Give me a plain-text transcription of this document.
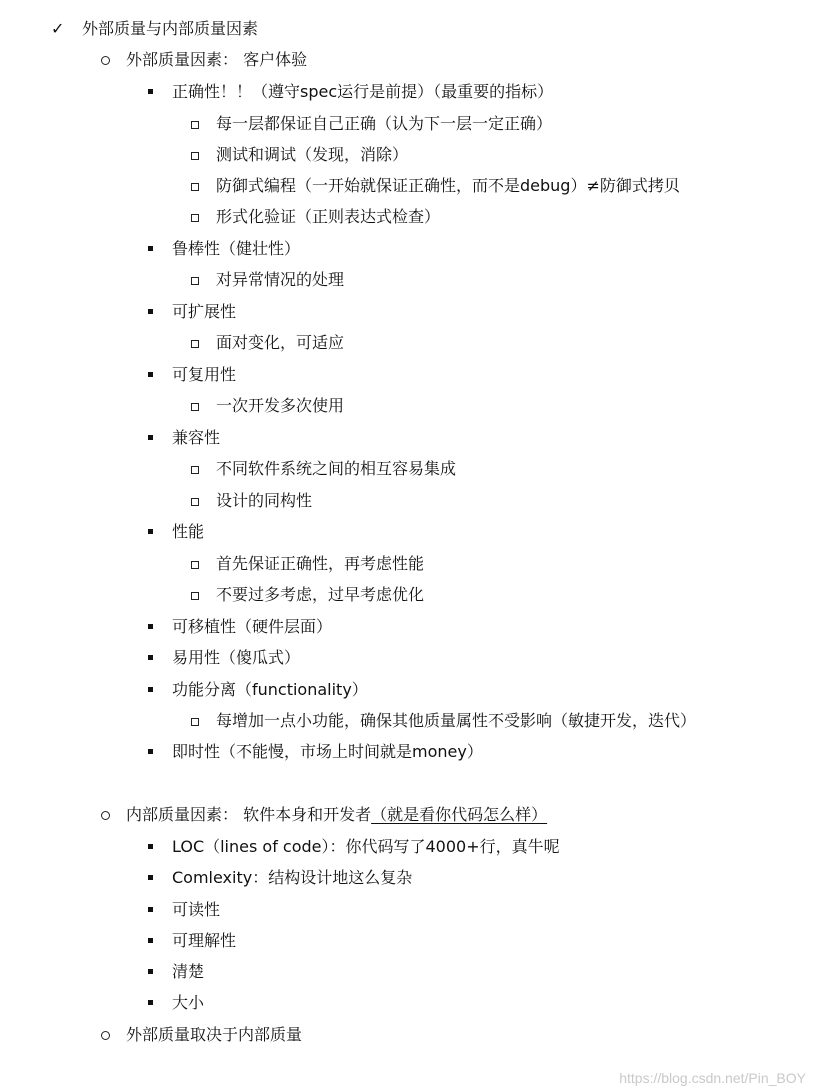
✓ 外部质量与内部质量因素
外部质量因素： 客户体验
正确性！！（遵守spec运行是前提）（最重要的指标）
每一层都保证自己正确（认为下一层一定正确）
测试和调试（发现，消除）
防御式编程（一开始就保证正确性，而不是debug）≠防御式拷贝
形式化验证（正则表达式检查）
鲁棒性（健壮性）
对异常情况的处理
可扩展性
面对变化，可适应
可复用性
一次开发多次使用
兼容性
不同软件系统之间的相互容易集成
设计的同构性
性能
首先保证正确性，再考虑性能
不要过多考虑，过早考虑优化
可移植性（硬件层面）
易用性（傻瓜式）
功能分离（functionality）
每增加一点小功能，确保其他质量属性不受影响（敏捷开发，迭代）
即时性（不能慢，市场上时间就是money）
内部质量因素： 软件本身和开发者（就是看你代码怎么样）
LOC（lines of code）：你代码写了4000+行，真牛呢
Comlexity：结构设计地这么复杂
可读性
可理解性
清楚
大小
外部质量取决于内部质量
https://blog.csdn.net/Pin_BOY
